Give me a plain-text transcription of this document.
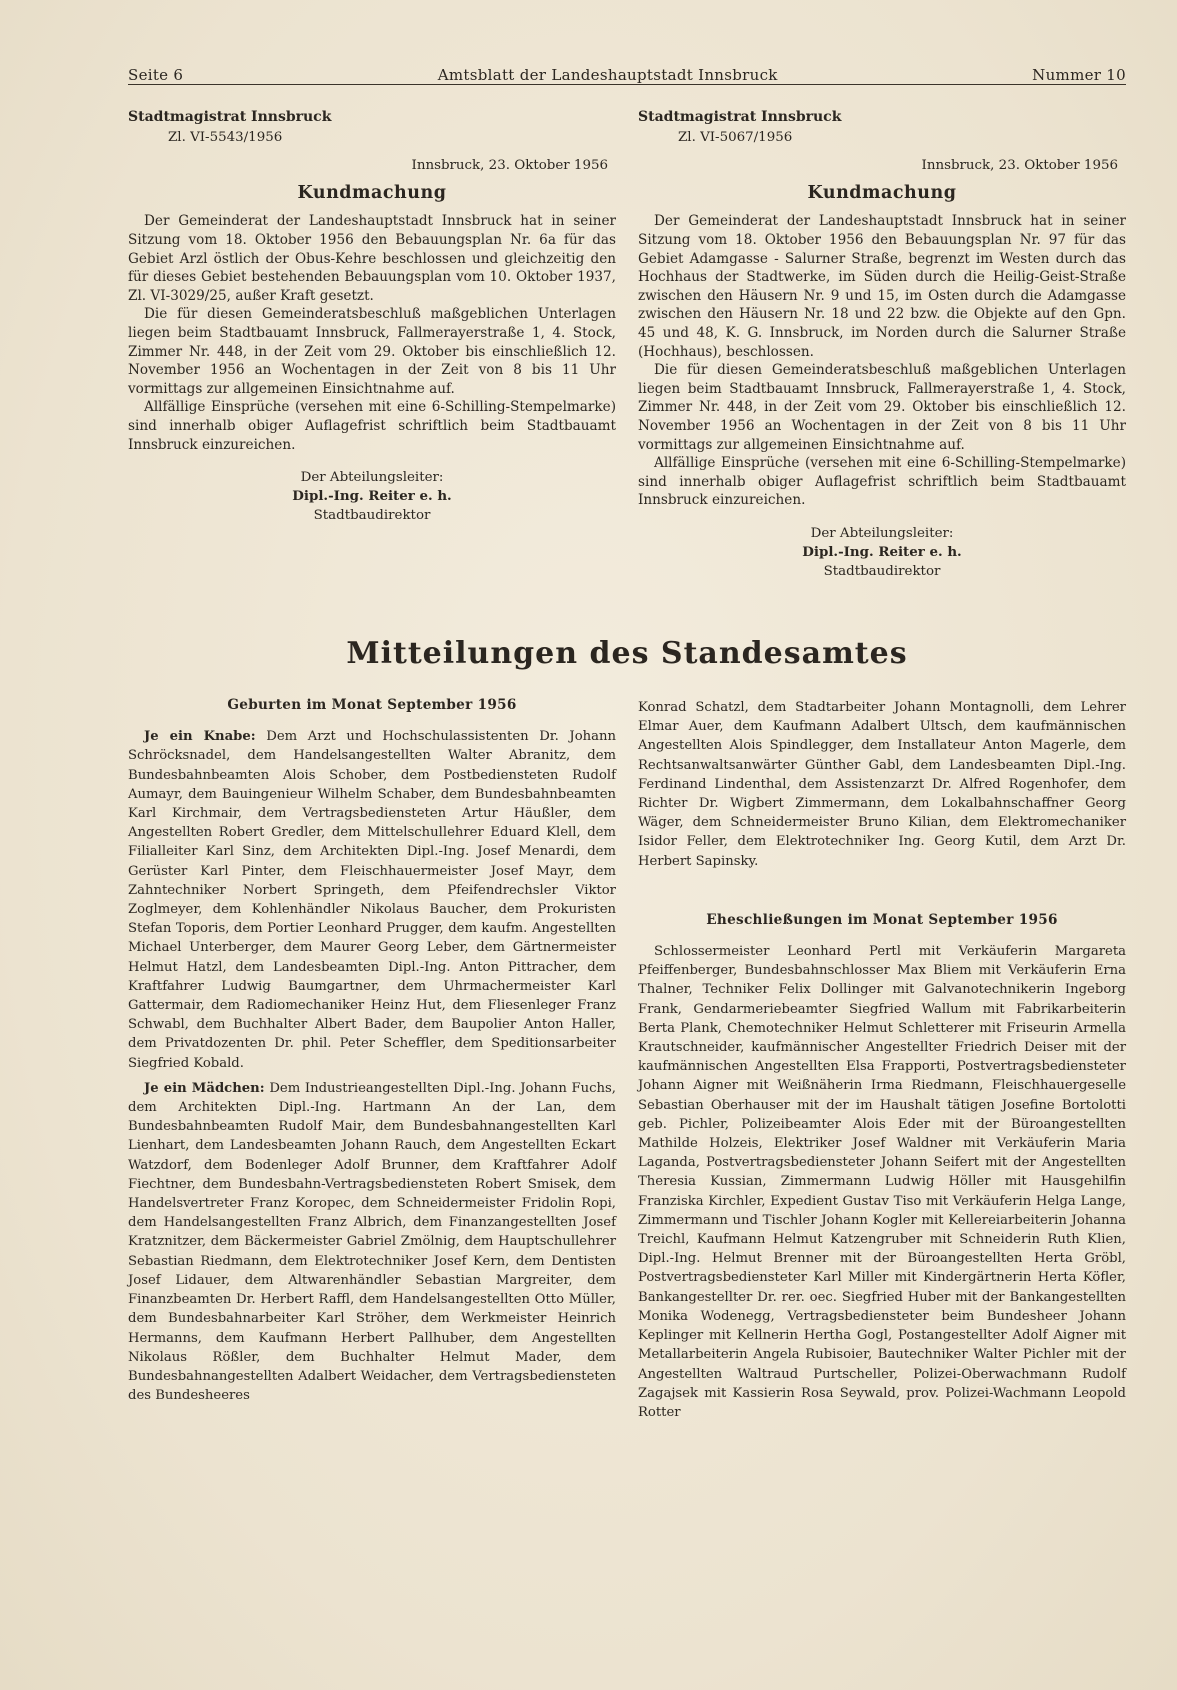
Seite 6	Amtsblatt der Landeshauptstadt Innsbruck	Nummer 10
Stadtmagistrat Innsbruck
Zl. VI-5543/1956
Innsbruck, 23. Oktober 1956
Kundmachung

Der Gemeinderat der Landeshauptstadt Innsbruck hat in seiner Sitzung vom 18. Oktober 1956 den Bebauungsplan Nr. 6a für das Gebiet Arzl östlich der Obus-Kehre beschlossen und gleichzeitig den für dieses Gebiet bestehenden Bebauungsplan vom 10. Oktober 1937, Zl. VI-3029/25, außer Kraft gesetzt.

Die für diesen Gemeinderatsbeschluß maßgeblichen Unterlagen liegen beim Stadtbauamt Innsbruck, Fallmerayerstraße 1, 4. Stock, Zimmer Nr. 448, in der Zeit vom 29. Oktober bis einschließlich 12. November 1956 an Wochentagen in der Zeit von 8 bis 11 Uhr vormittags zur allgemeinen Einsichtnahme auf.

Allfällige Einsprüche (versehen mit eine 6-Schilling-Stempelmarke) sind innerhalb obiger Auflagefrist schriftlich beim Stadtbauamt Innsbruck einzureichen.

Der Abteilungsleiter:
Dipl.-Ing. Reiter e. h.
Stadtbaudirektor
Stadtmagistrat Innsbruck
Zl. VI-5067/1956
Innsbruck, 23. Oktober 1956
Kundmachung

Der Gemeinderat der Landeshauptstadt Innsbruck hat in seiner Sitzung vom 18. Oktober 1956 den Bebauungsplan Nr. 97 für das Gebiet Adamgasse - Salurner Straße, begrenzt im Westen durch das Hochhaus der Stadtwerke, im Süden durch die Heilig-Geist-Straße zwischen den Häusern Nr. 9 und 15, im Osten durch die Adamgasse zwischen den Häusern Nr. 18 und 22 bzw. die Objekte auf den Gpn. 45 und 48, K. G. Innsbruck, im Norden durch die Salurner Straße (Hochhaus), beschlossen.

Die für diesen Gemeinderatsbeschluß maßgeblichen Unterlagen liegen beim Stadtbauamt Innsbruck, Fallmerayerstraße 1, 4. Stock, Zimmer Nr. 448, in der Zeit vom 29. Oktober bis einschließlich 12. November 1956 an Wochentagen in der Zeit von 8 bis 11 Uhr vormittags zur allgemeinen Einsichtnahme auf.

Allfällige Einsprüche (versehen mit eine 6-Schilling-Stempelmarke) sind innerhalb obiger Auflagefrist schriftlich beim Stadtbauamt Innsbruck einzureichen.

Der Abteilungsleiter:
Dipl.-Ing. Reiter e. h.
Stadtbaudirektor
Mitteilungen des Standesamtes
Geburten im Monat September 1956

Je ein Knabe: Dem Arzt und Hochschulassistenten Dr. Johann Schröcksnadel, dem Handelsangestellten Walter Abranitz, dem Bundesbahnbeamten Alois Schober, dem Postbediensteten Rudolf Aumayr, dem Bauingenieur Wilhelm Schaber, dem Bundesbahnbeamten Karl Kirchmair, dem Vertragsbediensteten Artur Häußler, dem Angestellten Robert Gredler, dem Mittelschullehrer Eduard Klell, dem Filialleiter Karl Sinz, dem Architekten Dipl.-Ing. Josef Menardi, dem Gerüster Karl Pinter, dem Fleischhauermeister Josef Mayr, dem Zahntechniker Norbert Springeth, dem Pfeifendrechsler Viktor Zoglmeyer, dem Kohlenhändler Nikolaus Baucher, dem Prokuristen Stefan Toporis, dem Portier Leonhard Prugger, dem kaufm. Angestellten Michael Unterberger, dem Maurer Georg Leber, dem Gärtnermeister Helmut Hatzl, dem Landesbeamten Dipl.-Ing. Anton Pittracher, dem Kraftfahrer Ludwig Baumgartner, dem Uhrmachermeister Karl Gattermair, dem Radiomechaniker Heinz Hut, dem Fliesenleger Franz Schwabl, dem Buchhalter Albert Bader, dem Baupolier Anton Haller, dem Privatdozenten Dr. phil. Peter Scheffler, dem Speditionsarbeiter Siegfried Kobald.

Je ein Mädchen: Dem Industrieangestellten Dipl.-Ing. Johann Fuchs, dem Architekten Dipl.-Ing. Hartmann An der Lan, dem Bundesbahnbeamten Rudolf Mair, dem Bundesbahnangestellten Karl Lienhart, dem Landesbeamten Johann Rauch, dem Angestellten Eckart Watzdorf, dem Bodenleger Adolf Brunner, dem Kraftfahrer Adolf Fiechtner, dem Bundesbahn-Vertragsbediensteten Robert Smisek, dem Handelsvertreter Franz Koropec, dem Schneidermeister Fridolin Ropi, dem Handelsangestellten Franz Albrich, dem Finanzangestellten Josef Kratznitzer, dem Bäckermeister Gabriel Zmölnig, dem Hauptschullehrer Sebastian Riedmann, dem Elektrotechniker Josef Kern, dem Dentisten Josef Lidauer, dem Altwarenhändler Sebastian Margreiter, dem Finanzbeamten Dr. Herbert Raffl, dem Handelsangestellten Otto Müller, dem Bundesbahnarbeiter Karl Ströher, dem Werkmeister Heinrich Hermanns, dem Kaufmann Herbert Pallhuber, dem Angestellten Nikolaus Rößler, dem Buchhalter Helmut Mader, dem Bundesbahnangestellten Adalbert Weidacher, dem Vertragsbediensteten des Bundesheeres

Konrad Schatzl, dem Stadtarbeiter Johann Montagnolli, dem Lehrer Elmar Auer, dem Kaufmann Adalbert Ultsch, dem kaufmännischen Angestellten Alois Spindlegger, dem Installateur Anton Magerle, dem Rechtsanwaltsanwärter Günther Gabl, dem Landesbeamten Dipl.-Ing. Ferdinand Lindenthal, dem Assistenzarzt Dr. Alfred Rogenhofer, dem Richter Dr. Wigbert Zimmermann, dem Lokalbahnschaffner Georg Wäger, dem Schneidermeister Bruno Kilian, dem Elektromechaniker Isidor Feller, dem Elektrotechniker Ing. Georg Kutil, dem Arzt Dr. Herbert Sapinsky.

Eheschließungen im Monat September 1956

Schlossermeister Leonhard Pertl mit Verkäuferin Margareta Pfeiffenberger, Bundesbahnschlosser Max Bliem mit Verkäuferin Erna Thalner, Techniker Felix Dollinger mit Galvanotechnikerin Ingeborg Frank, Gendarmeriebeamter Siegfried Wallum mit Fabrikarbeiterin Berta Plank, Chemotechniker Helmut Schletterer mit Friseurin Armella Krautschneider, kaufmännischer Angestellter Friedrich Deiser mit der kaufmännischen Angestellten Elsa Frapporti, Postvertragsbediensteter Johann Aigner mit Weißnäherin Irma Riedmann, Fleischhauergeselle Sebastian Oberhauser mit der im Haushalt tätigen Josefine Bortolotti geb. Pichler, Polizeibeamter Alois Eder mit der Büroangestellten Mathilde Holzeis, Elektriker Josef Waldner mit Verkäuferin Maria Laganda, Postvertragsbediensteter Johann Seifert mit der Angestellten Theresia Kussian, Zimmermann Ludwig Höller mit Hausgehilfin Franziska Kirchler, Expedient Gustav Tiso mit Verkäuferin Helga Lange, Zimmermann und Tischler Johann Kogler mit Kellereiarbeiterin Johanna Treichl, Kaufmann Helmut Katzengruber mit Schneiderin Ruth Klien, Dipl.-Ing. Helmut Brenner mit der Büroangestellten Herta Gröbl, Postvertragsbediensteter Karl Miller mit Kindergärtnerin Herta Köfler, Bankangestellter Dr. rer. oec. Siegfried Huber mit der Bankangestellten Monika Wodenegg, Vertragsbediensteter beim Bundesheer Johann Keplinger mit Kellnerin Hertha Gogl, Postangestellter Adolf Aigner mit Metallarbeiterin Angela Rubisoier, Bautechniker Walter Pichler mit der Angestellten Waltraud Purtscheller, Polizei-Oberwachmann Rudolf Zagajsek mit Kassierin Rosa Seywald, prov. Polizei-Wachmann Leopold Rotter
